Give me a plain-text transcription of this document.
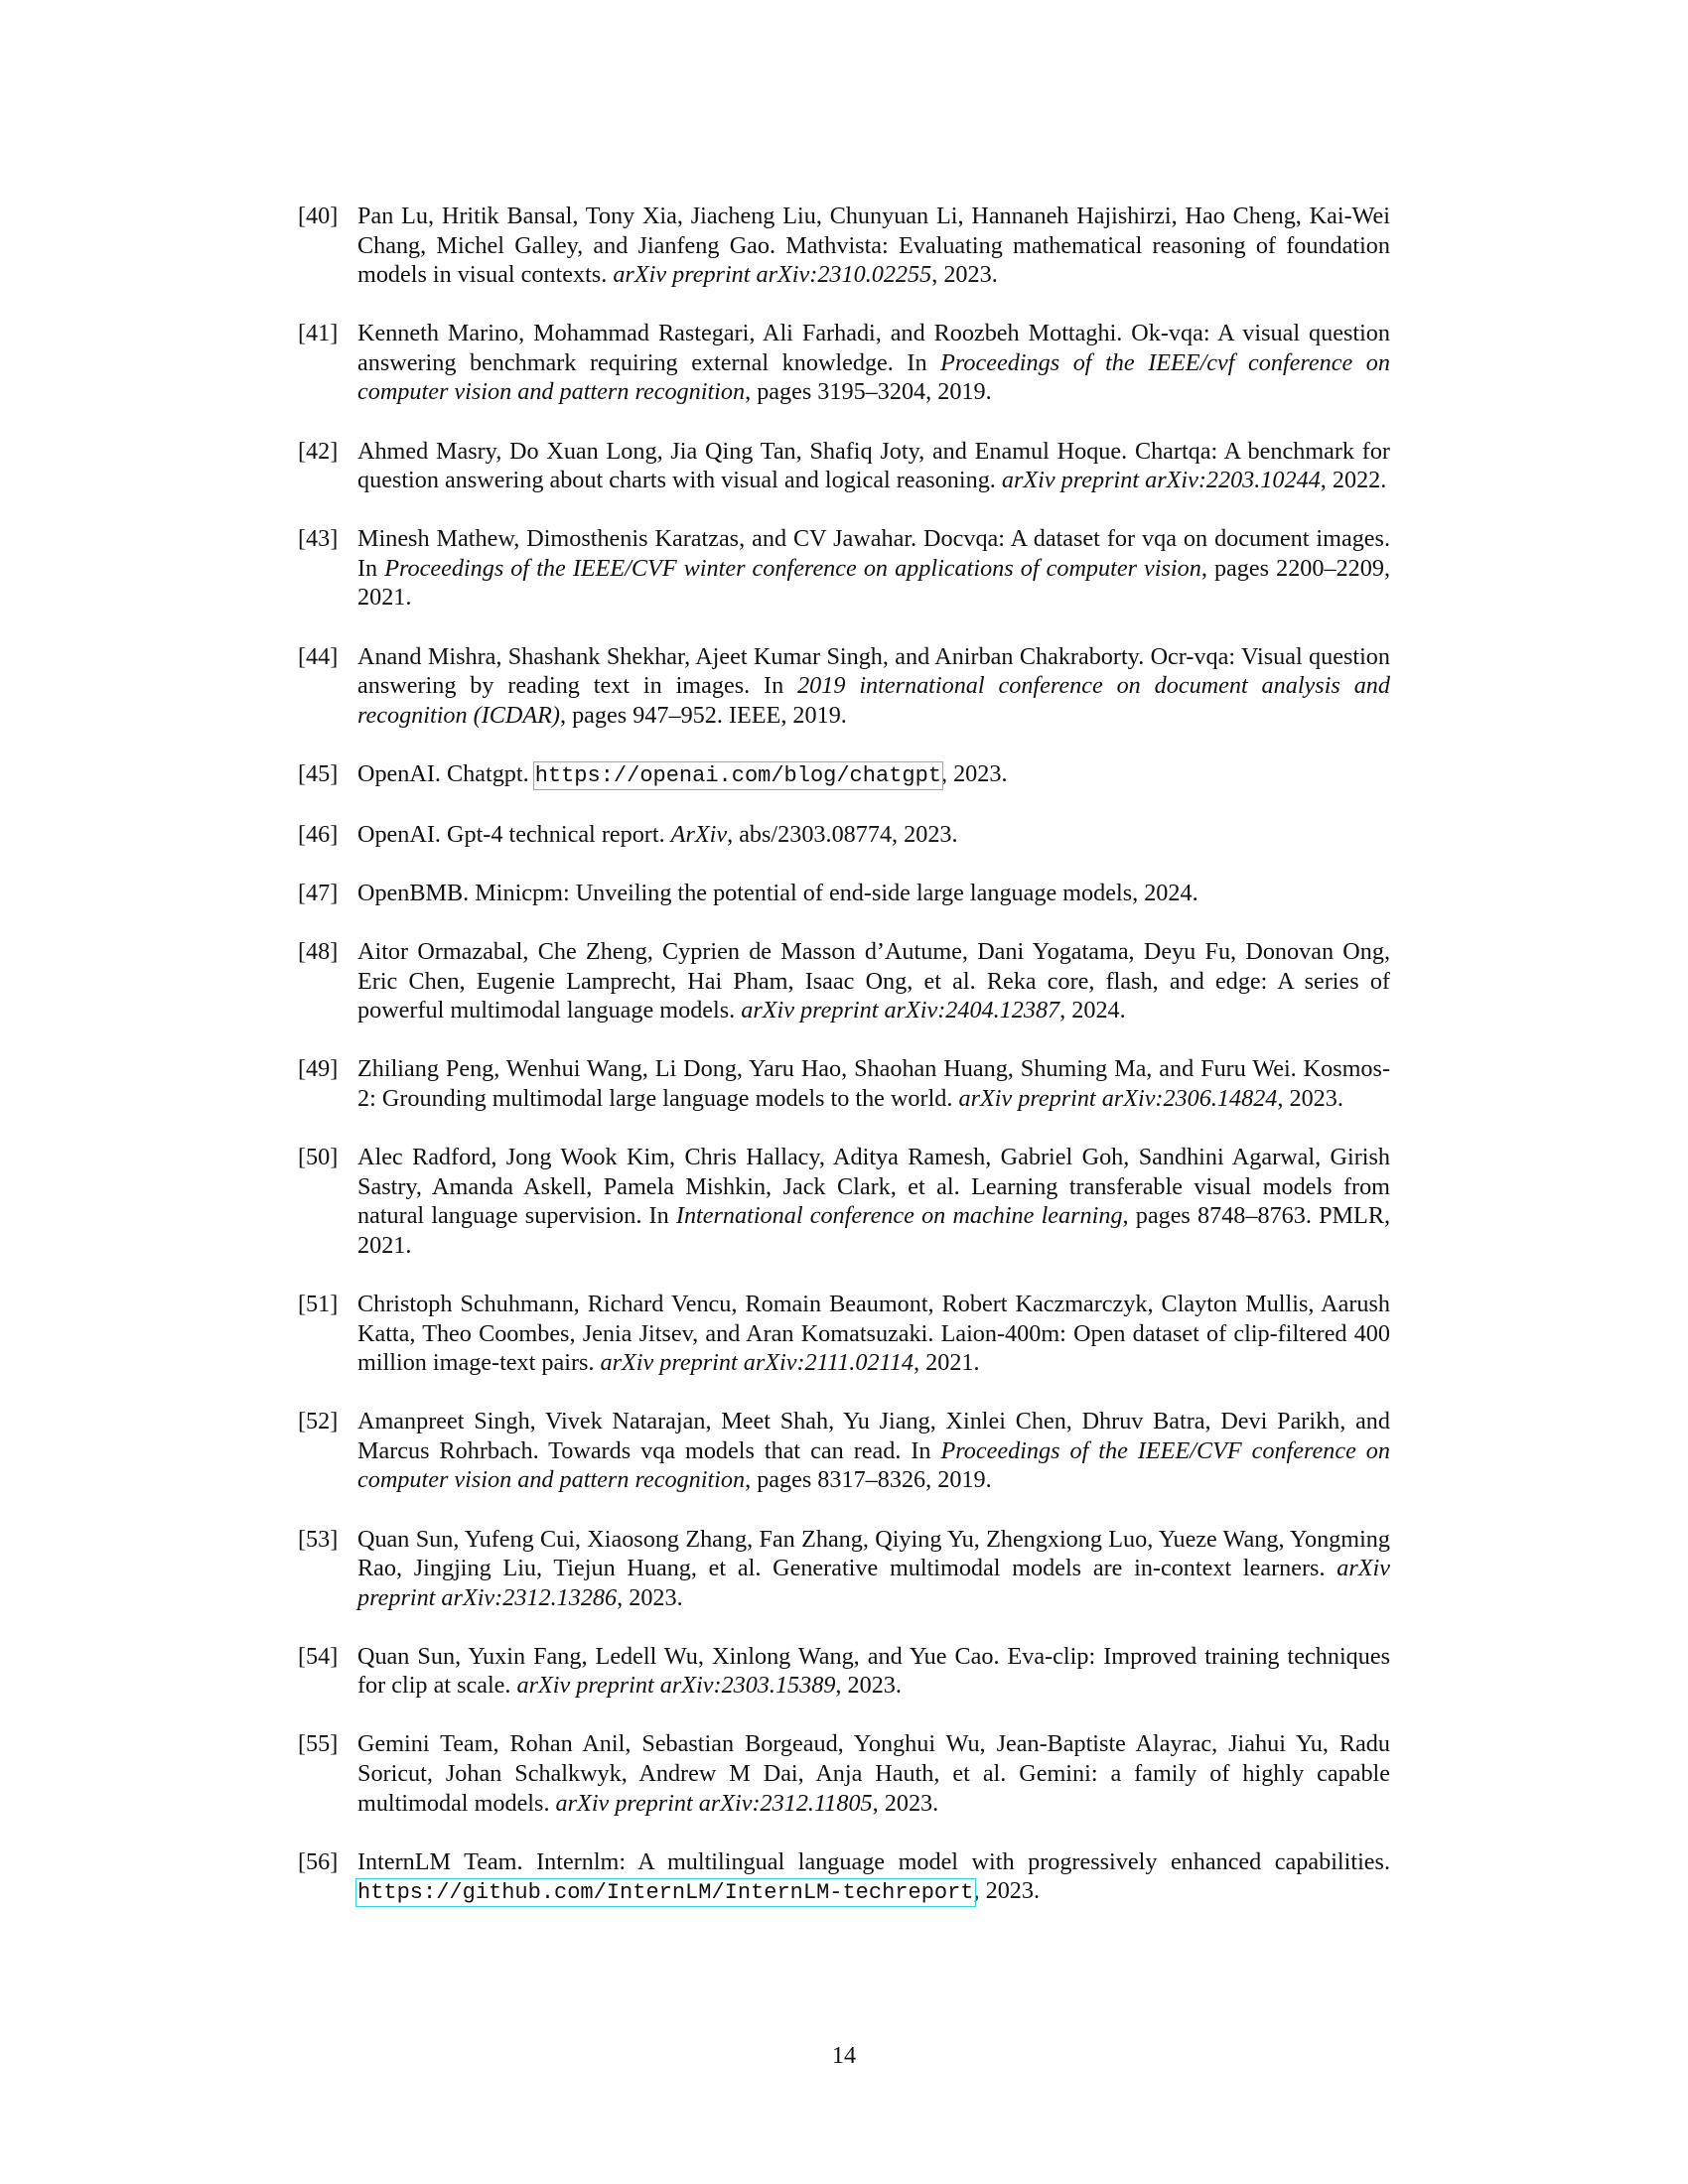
[40] Pan Lu, Hritik Bansal, Tony Xia, Jiacheng Liu, Chunyuan Li, Hannaneh Hajishirzi, Hao Cheng, Kai-Wei Chang, Michel Galley, and Jianfeng Gao. Mathvista: Evaluating mathematical reasoning of foundation models in visual contexts. arXiv preprint arXiv:2310.02255, 2023.
[41] Kenneth Marino, Mohammad Rastegari, Ali Farhadi, and Roozbeh Mottaghi. Ok-vqa: A visual question answering benchmark requiring external knowledge. In Proceedings of the IEEE/cvf conference on computer vision and pattern recognition, pages 3195–3204, 2019.
[42] Ahmed Masry, Do Xuan Long, Jia Qing Tan, Shafiq Joty, and Enamul Hoque. Chartqa: A benchmark for question answering about charts with visual and logical reasoning. arXiv preprint arXiv:2203.10244, 2022.
[43] Minesh Mathew, Dimosthenis Karatzas, and CV Jawahar. Docvqa: A dataset for vqa on document images. In Proceedings of the IEEE/CVF winter conference on applications of computer vision, pages 2200–2209, 2021.
[44] Anand Mishra, Shashank Shekhar, Ajeet Kumar Singh, and Anirban Chakraborty. Ocr-vqa: Visual question answering by reading text in images. In 2019 international conference on document analysis and recognition (ICDAR), pages 947–952. IEEE, 2019.
[45] OpenAI. Chatgpt. https://openai.com/blog/chatgpt, 2023.
[46] OpenAI. Gpt-4 technical report. ArXiv, abs/2303.08774, 2023.
[47] OpenBMB. Minicpm: Unveiling the potential of end-side large language models, 2024.
[48] Aitor Ormazabal, Che Zheng, Cyprien de Masson d’Autume, Dani Yogatama, Deyu Fu, Donovan Ong, Eric Chen, Eugenie Lamprecht, Hai Pham, Isaac Ong, et al. Reka core, flash, and edge: A series of powerful multimodal language models. arXiv preprint arXiv:2404.12387, 2024.
[49] Zhiliang Peng, Wenhui Wang, Li Dong, Yaru Hao, Shaohan Huang, Shuming Ma, and Furu Wei. Kosmos-2: Grounding multimodal large language models to the world. arXiv preprint arXiv:2306.14824, 2023.
[50] Alec Radford, Jong Wook Kim, Chris Hallacy, Aditya Ramesh, Gabriel Goh, Sandhini Agarwal, Girish Sastry, Amanda Askell, Pamela Mishkin, Jack Clark, et al. Learning transferable visual models from natural language supervision. In International conference on machine learning, pages 8748–8763. PMLR, 2021.
[51] Christoph Schuhmann, Richard Vencu, Romain Beaumont, Robert Kaczmarczyk, Clayton Mullis, Aarush Katta, Theo Coombes, Jenia Jitsev, and Aran Komatsuzaki. Laion-400m: Open dataset of clip-filtered 400 million image-text pairs. arXiv preprint arXiv:2111.02114, 2021.
[52] Amanpreet Singh, Vivek Natarajan, Meet Shah, Yu Jiang, Xinlei Chen, Dhruv Batra, Devi Parikh, and Marcus Rohrbach. Towards vqa models that can read. In Proceedings of the IEEE/CVF conference on computer vision and pattern recognition, pages 8317–8326, 2019.
[53] Quan Sun, Yufeng Cui, Xiaosong Zhang, Fan Zhang, Qiying Yu, Zhengxiong Luo, Yueze Wang, Yongming Rao, Jingjing Liu, Tiejun Huang, et al. Generative multimodal models are in-context learners. arXiv preprint arXiv:2312.13286, 2023.
[54] Quan Sun, Yuxin Fang, Ledell Wu, Xinlong Wang, and Yue Cao. Eva-clip: Improved training techniques for clip at scale. arXiv preprint arXiv:2303.15389, 2023.
[55] Gemini Team, Rohan Anil, Sebastian Borgeaud, Yonghui Wu, Jean-Baptiste Alayrac, Jiahui Yu, Radu Soricut, Johan Schalkwyk, Andrew M Dai, Anja Hauth, et al. Gemini: a family of highly capable multimodal models. arXiv preprint arXiv:2312.11805, 2023.
[56] InternLM Team. Internlm: A multilingual language model with progressively enhanced capabilities. https://github.com/InternLM/InternLM-techreport, 2023.
14
